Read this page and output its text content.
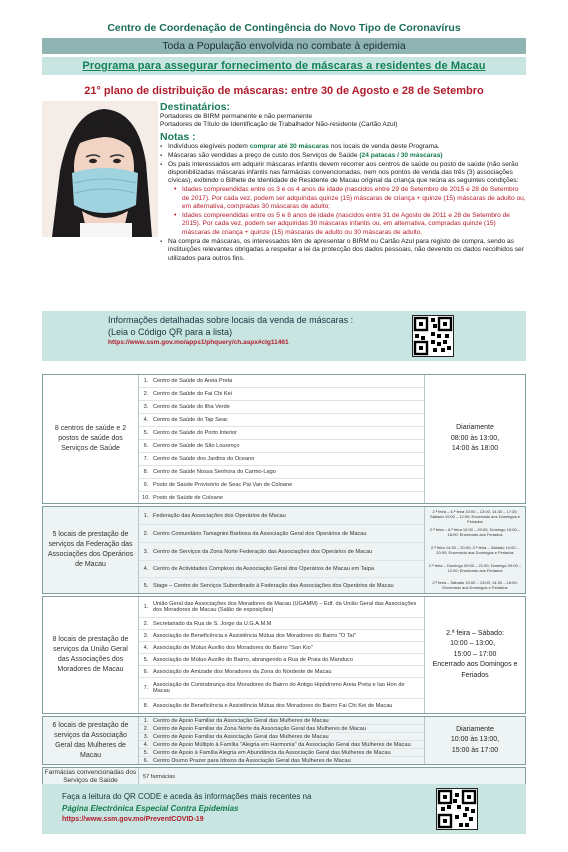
Centro de Coordenação de Contingência do Novo Tipo de Coronavírus
Toda a População envolvida no combate à epidemia
Programa para assegurar fornecimento de máscaras a residentes de Macau
21° plano de distribuição de máscaras: entre 30 de Agosto e 28 de Setembro
Destinatários:
Portadores de BIRM permanente e não permanente
Portadores de Título de Identificação de Trabalhador Não-residente (Cartão Azul)
Notas :
▪ Indivíduos elegíveis podem comprar até 30 máscaras nos locais de venda deste Programa.
▪ Máscaras são vendidas a preço de custo dos Serviços de Saúde (24 patacas / 30 máscaras)
▪ Os pais interessados em adquirir máscaras infantis devem recorrer aos centros de saúde ou posto de saúde (não serão disponibilizadas máscaras infantis nas farmácias convencionadas, nem nos pontos de venda das três (3) associações cívicas), exibindo o Bilhete de Identidade de Residente de Macau original da criança que reúna as seguintes condições:
• Idades compreendidas entre os 3 e os 4 anos de idade (nascidos entre 29 de Setembro de 2015 e 28 de Setembro de 2017). Por cada vez, podem ser adquiridas quinze (15) máscaras de criança + quinze (15) máscaras de adulto ou, em alternativa, compradas 30 máscaras de adulto;
• Idades compreendidas entre os 5 e 8 anos de idade (nascidos entre 31 de Agosto de 2011 e 28 de Setembro de 2015). Por cada vez, podem ser adquiridas 30 máscaras infantis ou, em alternativa, compradas quinze (15) máscaras de criança + quinze (15) máscaras de adulto ou 30 máscaras de adulto.
▪ Na compra de máscaras, os interessados têm de apresentar o BIRM ou Cartão Azul para registo de compra, sendo as instituições relevantes obrigadas a respeitar a lei da protecção dos dados pessoais, não devendo os dados recolhidos ser utilizados para outros fins.
Informações detalhadas sobre locais da venda de máscaras :
(Leia o Código QR para a lista)
https://www.ssm.gov.mo/apps1/phquery/ch.aspx#clg11461
8 centros de saúde e 2 postos de saúde dos Serviços de Saúde
1. Centro de Saúde do Areia Preta
2. Centro de Saúde do Fai Chi Kei
3. Centro de Saúde do Ilha Verde
4. Centro de Saúde do Tap Seac
5. Centro de Saúde do Porto Interior
6. Centro de Saúde de São Lourenço
7. Centro de Saúde dos Jardins do Oceano
8. Centro de Saúde Nossa Senhora do Carmo-Lago
9. Posto de Saúde Provisório de Seac Pai Van de Coloane
10. Posto de Saúde de Coloane
Diariamente
08:00 às 13:00,
14:00 às 18:00
5 locais de prestação de serviços da Federação das Associações dos Operários de Macau
1. Federação das Associações dos Operários de Macau
2. Centro Comunitário Tamagnini Barbosa da Associação Geral dos Operários de Macau
3. Centro de Serviços da Zona Norte Federação das Associações dos Operários de Macau
4. Centro de Actividades Complexo da Associação Geral dos Operários de Macau em Taipa
5. Stage – Centro de Serviços Subordinado à Federação das Associações dos Operários de Macau
2.ª feira – 6.ª feira 10:00 – 13:00, 14:30 – 17:30; Sábado 10:00 – 12:00; Encerrado aos Domingos e Feriados
2.ª feira – 6.ª feira 10:00 – 20:00; Domingo 10:00 – 18:00; Encerrado aos Feriados
2.ª feira 14:30 – 20:00; 3.ª feira – Sábado 10:00 – 20:00; Encerrado aos Domingos e Feriados
2.ª feira – Domingo 09:00 – 21:00; Domingo 09:00 – 12:00; Encerrado aos Feriados
2.ª feira – Sábado 10:00 – 13:00, 14:30 – 18:00; Encerrado aos Domingos e Feriados
8 locais de prestação de serviços da União Geral das Associações dos Moradores de Macau
1. União Geral das Associações dos Moradores de Macau (UGAMM) – Edf. da União Geral das Associações dos Moradores de Macau (Salão de exposições)
2. Secretariado da Rua de S. Jorge da U.G.A.M.M
3. Associação de Beneficência e Assistência Mútua dos Moradores do Bairro "O Tai"
4. Associação de Mútuo Auxílio dos Moradores do Bairro "San Kio"
5. Associação de Mútuo Auxílio do Bairro, abrangendo a Rua de Praia do Manduco
6. Associação de Amizade dos Moradores da Zona do Nordeste de Macau
7. Associação de Contrabrança dos Moradores do Bairro do Antigo Hipódromo Areia Preta e Iao Hon de Macau
8. Associação de Beneficência e Assistência Mútua dos Moradores do Bairro Fai Chi Kei de Macau
2.ª feira – Sábado:
10:00 – 13:00、
15:00 – 17:00
Encerrado aos Domingos e
Feriados
6 locais de prestação de serviços da Associação Geral das Mulheres de Macau
1. Centro de Apoio Familiar da Associação Geral das Mulheres de Macau
2. Centro de Apoio Familiar da Zona Norte da Associação Geral das Mulheres de Macau
3. Centro de Apoio Familiar da Associação Geral das Mulheres de Macau
4. Centro de Apoio Múltiplo à Família "Alegria em Harmonia" da Associação Geral das Mulheres de Macau
5. Centro de Apoio à Família Alegria em Abundância da Associação Geral das Mulheres de Macau
6. Centro Diurno Prazer para Idosos da Associação Geral das Mulheres de Macau
Diariamente
10:00 às 13:00,
15:00 às 17:00
Farmácias convencionadas dos Serviços de Saúde	57 farmácias
Faça a leitura do QR CODE e aceda às informações mais recentes na
Página Electrónica Especial Contra Epidemias
https://www.ssm.gov.mo/PreventCOVID-19
